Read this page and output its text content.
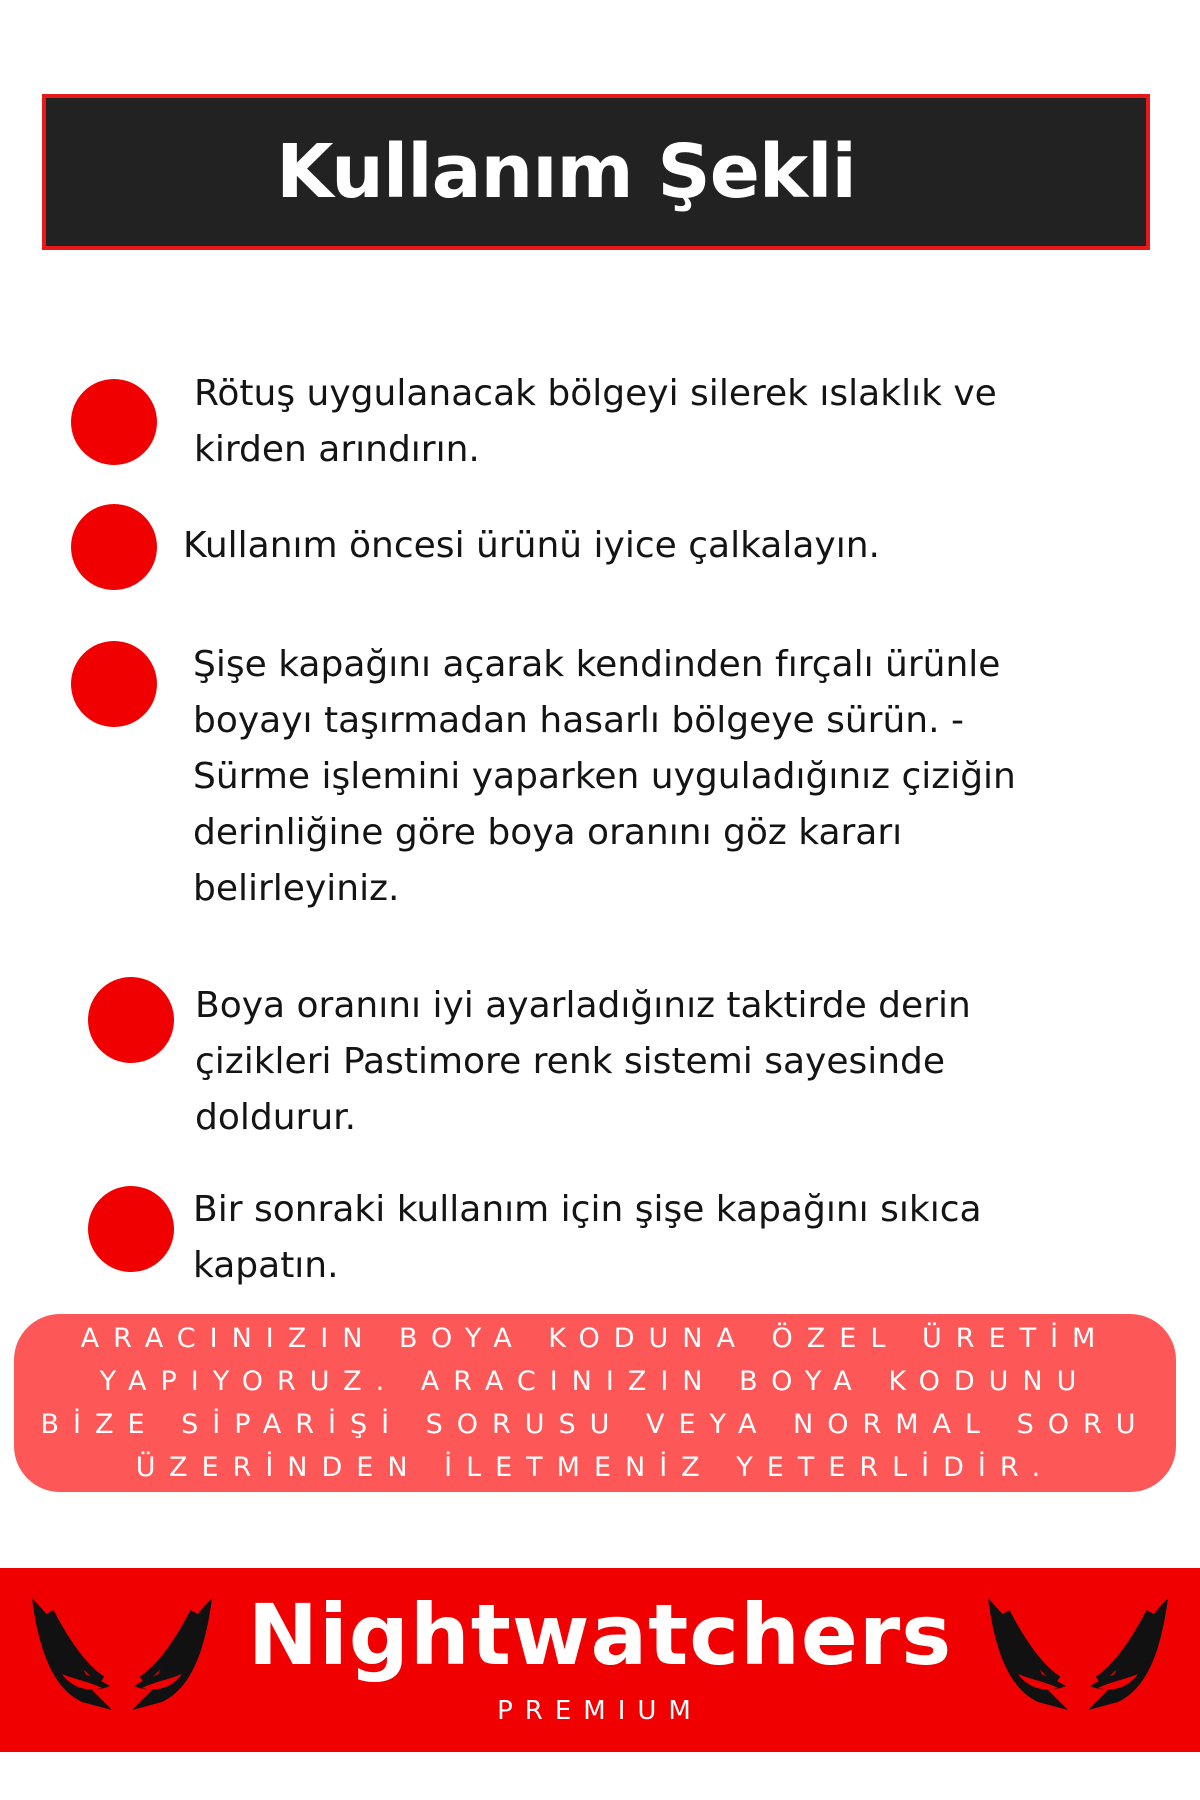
Kullanım Şekli
Rötuş uygulanacak bölgeyi silerek ıslaklık ve kirden arındırın.
Kullanım öncesi ürünü iyice çalkalayın.
Şişe kapağını açarak kendinden fırçalı ürünle boyayı taşırmadan hasarlı bölgeye sürün. - Sürme işlemini yaparken uyguladığınız çiziğin derinliğine göre boya oranını göz kararı belirleyiniz.
Boya oranını iyi ayarladığınız taktirde derin çizikleri Pastimore renk sistemi sayesinde doldurur.
Bir sonraki kullanım için şişe kapağını sıkıca kapatın.
ARACINIZIN BOYA KODUNA ÖZEL ÜRETİM YAPIYORUZ. ARACINIZIN BOYA KODUNU BİZE SİPARİŞİ SORUSU VEYA NORMAL SORU ÜZERİNDEN İLETMENİZ YETERLİDİR.
Nightwatchers
PREMIUM
